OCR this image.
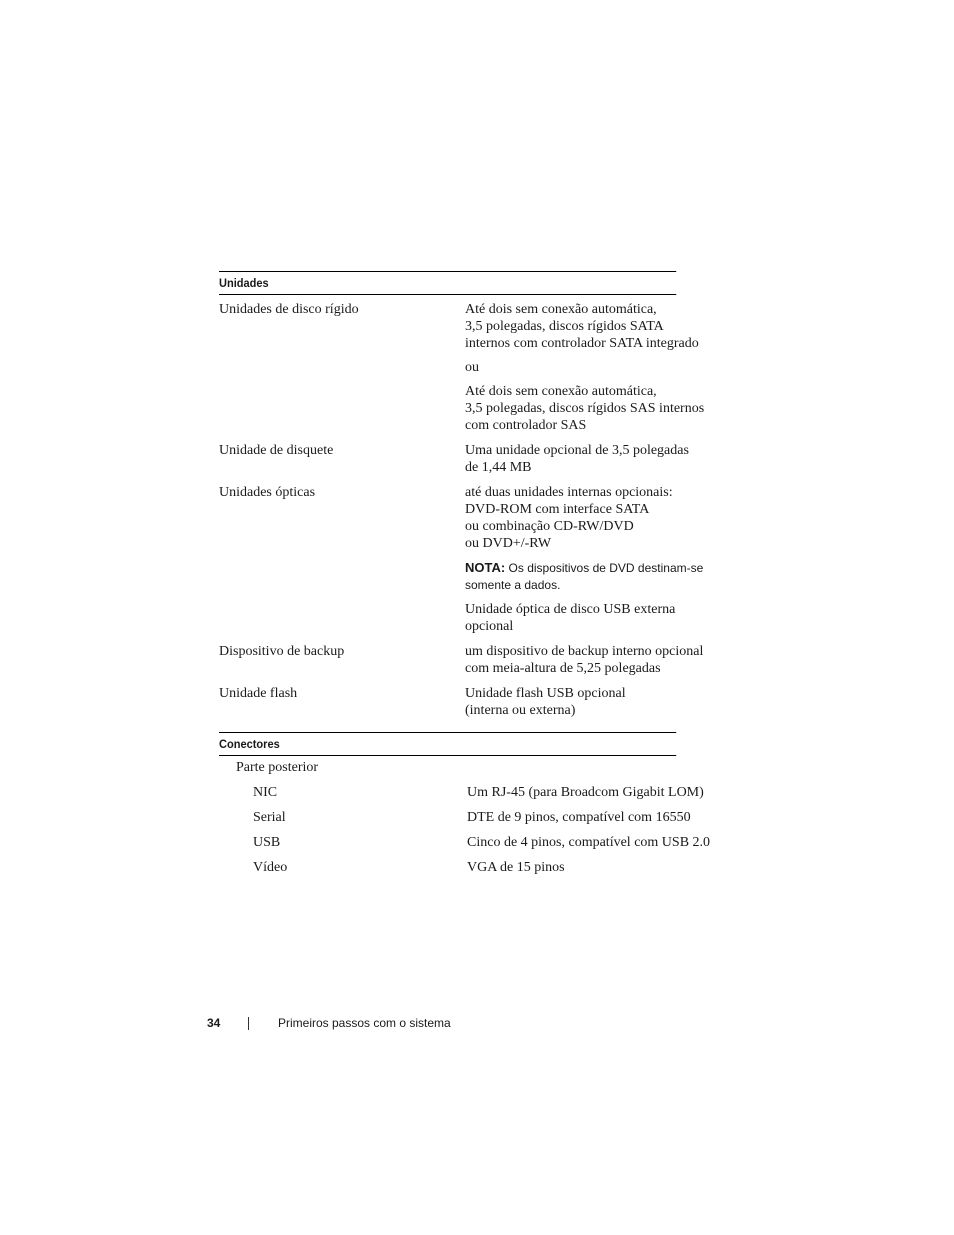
Unidades
Unidades de disco rígido	Até dois sem conexão automática,
3,5 polegadas, discos rígidos SATA
internos com controlador SATA integrado

ou

Até dois sem conexão automática,
3,5 polegadas, discos rígidos SAS internos
com controlador SAS

Unidade de disquete	Uma unidade opcional de 3,5 polegadas
de 1,44 MB

Unidades ópticas	até duas unidades internas opcionais:
DVD-ROM com interface SATA
ou combinação CD-RW/DVD
ou DVD+/-RW

NOTA: Os dispositivos de DVD destinam-se somente a dados.

Unidade óptica de disco USB externa
opcional

Dispositivo de backup	um dispositivo de backup interno opcional
com meia-altura de 5,25 polegadas

Unidade flash	Unidade flash USB opcional
(interna ou externa)

Conectores
Parte posterior
NIC	Um RJ-45 (para Broadcom Gigabit LOM)
Serial	DTE de 9 pinos, compatível com 16550
USB	Cinco de 4 pinos, compatível com USB 2.0
Vídeo	VGA de 15 pinos
34	Primeiros passos com o sistema
